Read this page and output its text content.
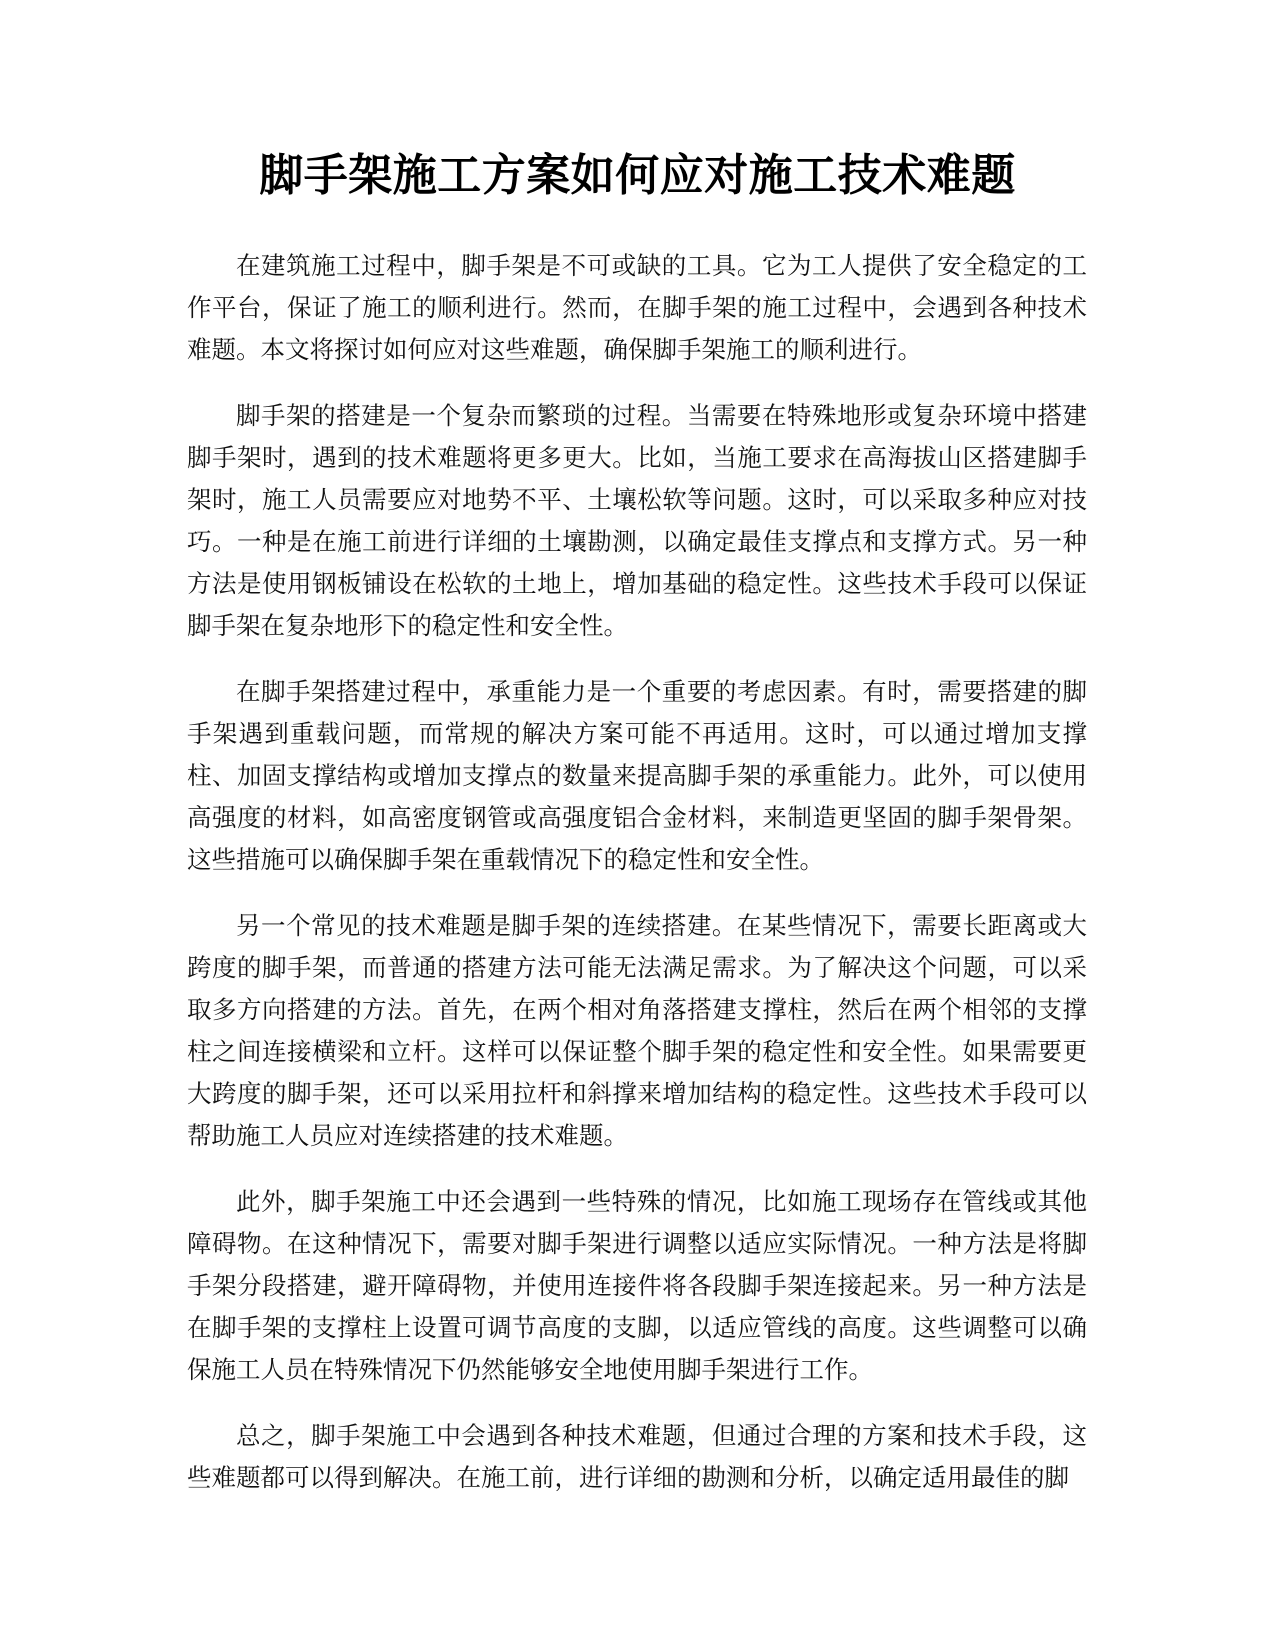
脚手架施工方案如何应对施工技术难题

在建筑施工过程中，脚手架是不可或缺的工具。它为工人提供了安全稳定的工作平台，保证了施工的顺利进行。然而，在脚手架的施工过程中，会遇到各种技术难题。本文将探讨如何应对这些难题，确保脚手架施工的顺利进行。

脚手架的搭建是一个复杂而繁琐的过程。当需要在特殊地形或复杂环境中搭建脚手架时，遇到的技术难题将更多更大。比如，当施工要求在高海拔山区搭建脚手架时，施工人员需要应对地势不平、土壤松软等问题。这时，可以采取多种应对技巧。一种是在施工前进行详细的土壤勘测，以确定最佳支撑点和支撑方式。另一种方法是使用钢板铺设在松软的土地上，增加基础的稳定性。这些技术手段可以保证脚手架在复杂地形下的稳定性和安全性。

在脚手架搭建过程中，承重能力是一个重要的考虑因素。有时，需要搭建的脚手架遇到重载问题，而常规的解决方案可能不再适用。这时，可以通过增加支撑柱、加固支撑结构或增加支撑点的数量来提高脚手架的承重能力。此外，可以使用高强度的材料，如高密度钢管或高强度铝合金材料，来制造更坚固的脚手架骨架。这些措施可以确保脚手架在重载情况下的稳定性和安全性。

另一个常见的技术难题是脚手架的连续搭建。在某些情况下，需要长距离或大跨度的脚手架，而普通的搭建方法可能无法满足需求。为了解决这个问题，可以采取多方向搭建的方法。首先，在两个相对角落搭建支撑柱，然后在两个相邻的支撑柱之间连接横梁和立杆。这样可以保证整个脚手架的稳定性和安全性。如果需要更大跨度的脚手架，还可以采用拉杆和斜撑来增加结构的稳定性。这些技术手段可以帮助施工人员应对连续搭建的技术难题。

此外，脚手架施工中还会遇到一些特殊的情况，比如施工现场存在管线或其他障碍物。在这种情况下，需要对脚手架进行调整以适应实际情况。一种方法是将脚手架分段搭建，避开障碍物，并使用连接件将各段脚手架连接起来。另一种方法是在脚手架的支撑柱上设置可调节高度的支脚，以适应管线的高度。这些调整可以确保施工人员在特殊情况下仍然能够安全地使用脚手架进行工作。

总之，脚手架施工中会遇到各种技术难题，但通过合理的方案和技术手段，这些难题都可以得到解决。在施工前，进行详细的勘测和分析，以确定适用最佳的脚
